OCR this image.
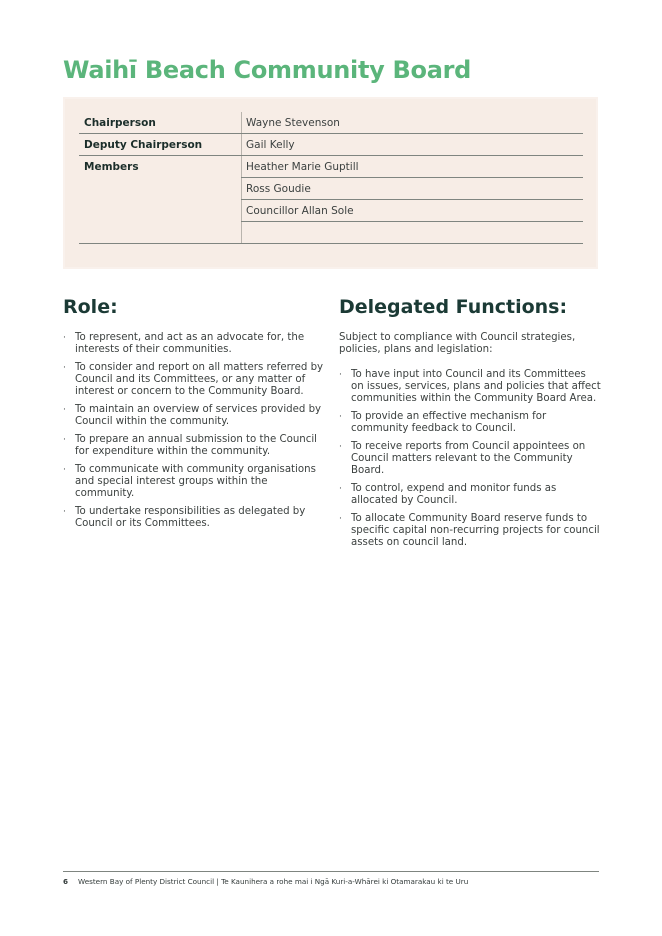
Waihī Beach Community Board
Chairperson	Wayne Stevenson
Deputy Chairperson	Gail Kelly
Members	Heather Marie Guptill
	Ross Goudie
	Councillor Allan Sole

Role:
· To represent, and act as an advocate for, the interests of their communities.
· To consider and report on all matters referred by Council and its Committees, or any matter of interest or concern to the Community Board.
· To maintain an overview of services provided by Council within the community.
· To prepare an annual submission to the Council for expenditure within the community.
· To communicate with community organisations and special interest groups within the community.
· To undertake responsibilities as delegated by Council or its Committees.
Delegated Functions:

Subject to compliance with Council strategies, policies, plans and legislation:

· To have input into Council and its Committees on issues, services, plans and policies that affect communities within the Community Board Area.
· To provide an effective mechanism for community feedback to Council.
· To receive reports from Council appointees on Council matters relevant to the Community Board.
· To control, expend and monitor funds as allocated by Council.
· To allocate Community Board reserve funds to specific capital non-recurring projects for council assets on council land.
6 Western Bay of Plenty District Council | Te Kaunihera a rohe mai i Ngā Kuri-a-Whārei ki Otamarakau ki te Uru
